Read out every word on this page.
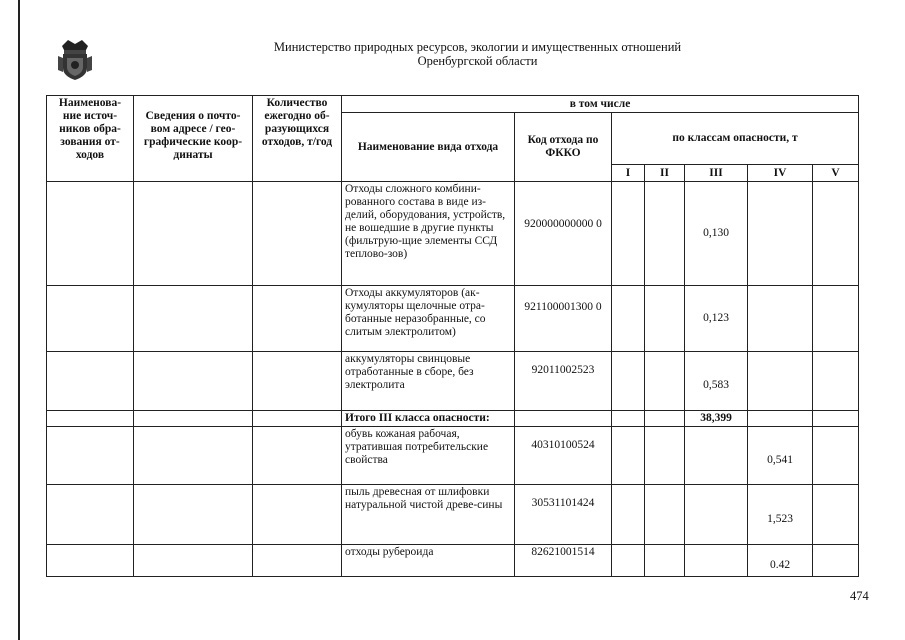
Министерство природных ресурсов, экологии и имущественных отношений
Оренбургской области
Наименова-ние источ-ников обра-зования от-ходов	Сведения о почто-вом адресе / гео-графические коор-динаты	Количество ежегодно об-разующихся отходов, т/год	в том числе						
			Наименование вида отхода	Код отхода по ФККО	по классам опасности, т				
					I	II	III	IV	V
			Отходы сложного комбини-рованного состава в виде из-делий, оборудования, устройств, не вошедшие в другие пункты (фильтрую-щие элементы ССД теплово-зов)	920000000000 0			0,130		
			Отходы аккумуляторов (ак-кумуляторы щелочные отра-ботанные неразобранные, со слитым электролитом)	921100001300 0			0,123		
			аккумуляторы свинцовые отработанные в сборе, без электролита	92011002523			0,583		
			Итого III класса опасности:				38,399		
			обувь кожаная рабочая, утратившая потребительские свойства	40310100524				0,541	
			пыль древесная от шлифовки натуральной чистой древе-сины	30531101424				1,523	
			отходы рубероида	82621001514				0.42	
474
